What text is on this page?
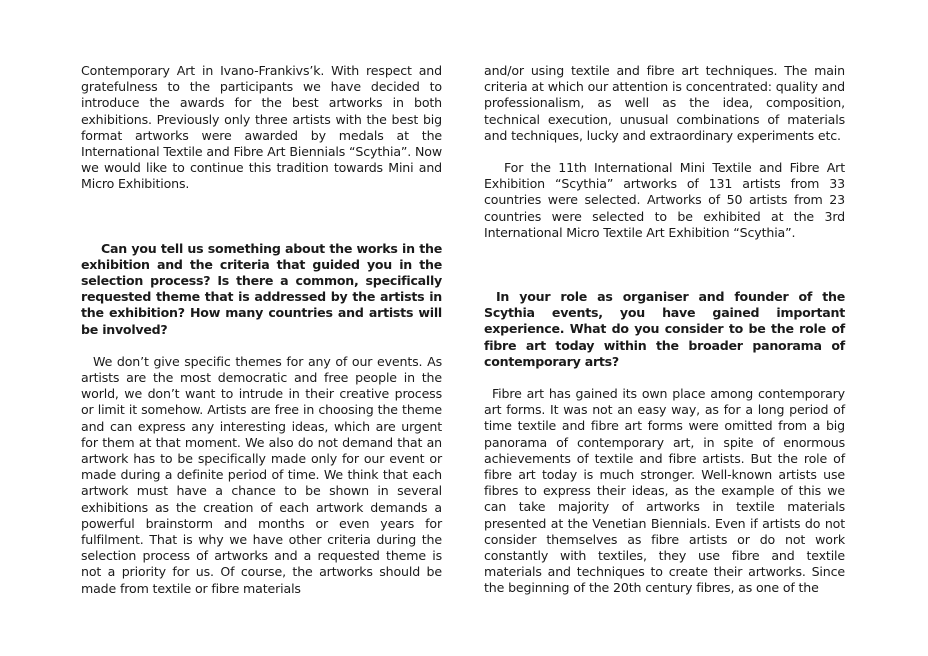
Contemporary Art in Ivano-Frankivs’k. With respect and gratefulness to the participants we have decided to introduce the awards for the best artworks in both exhibitions. Previously only three artists with the best big format artworks were awarded by medals at the International Textile and Fibre Art Biennials “Scythia”. Now we would like to continue this tradition towards Mini and Micro Exhibitions.

Can you tell us something about the works in the exhibition and the criteria that guided you in the selection process? Is there a common, specifically requested theme that is addressed by the artists in the exhibition? How many countries and artists will be involved?

We don’t give specific themes for any of our events. As artists are the most democratic and free people in the world, we don’t want to intrude in their creative process or limit it somehow. Artists are free in choosing the theme and can express any interesting ideas, which are urgent for them at that moment. We also do not demand that an artwork has to be specifically made only for our event or made during a definite period of time. We think that each artwork must have a chance to be shown in several exhibitions as the creation of each artwork demands a powerful brainstorm and months or even years for fulfilment. That is why we have other criteria during the selection process of artworks and a requested theme is not a priority for us. Of course, the artworks should be made from textile or fibre materials

and/or using textile and fibre art techniques. The main criteria at which our attention is concentrated: quality and professionalism, as well as the idea, composition, technical execution, unusual combinations of materials and techniques, lucky and extraordinary experiments etc.

For the 11th International Mini Textile and Fibre Art Exhibition “Scythia” artworks of 131 artists from 33 countries were selected. Artworks of 50 artists from 23 countries were selected to be exhibited at the 3rd International Micro Textile Art Exhibition “Scythia”.

In your role as organiser and founder of the Scythia events, you have gained important experience. What do you consider to be the role of fibre art today within the broader panorama of contemporary arts?

Fibre art has gained its own place among contemporary art forms. It was not an easy way, as for a long period of time textile and fibre art forms were omitted from a big panorama of contemporary art, in spite of enormous achievements of textile and fibre artists. But the role of fibre art today is much stronger. Well-known artists use fibres to express their ideas, as the example of this we can take majority of artworks in textile materials presented at the Venetian Biennials. Even if artists do not consider themselves as fibre artists or do not work constantly with textiles, they use fibre and textile materials and techniques to create their artworks. Since the beginning of the 20th century fibres, as one of the
